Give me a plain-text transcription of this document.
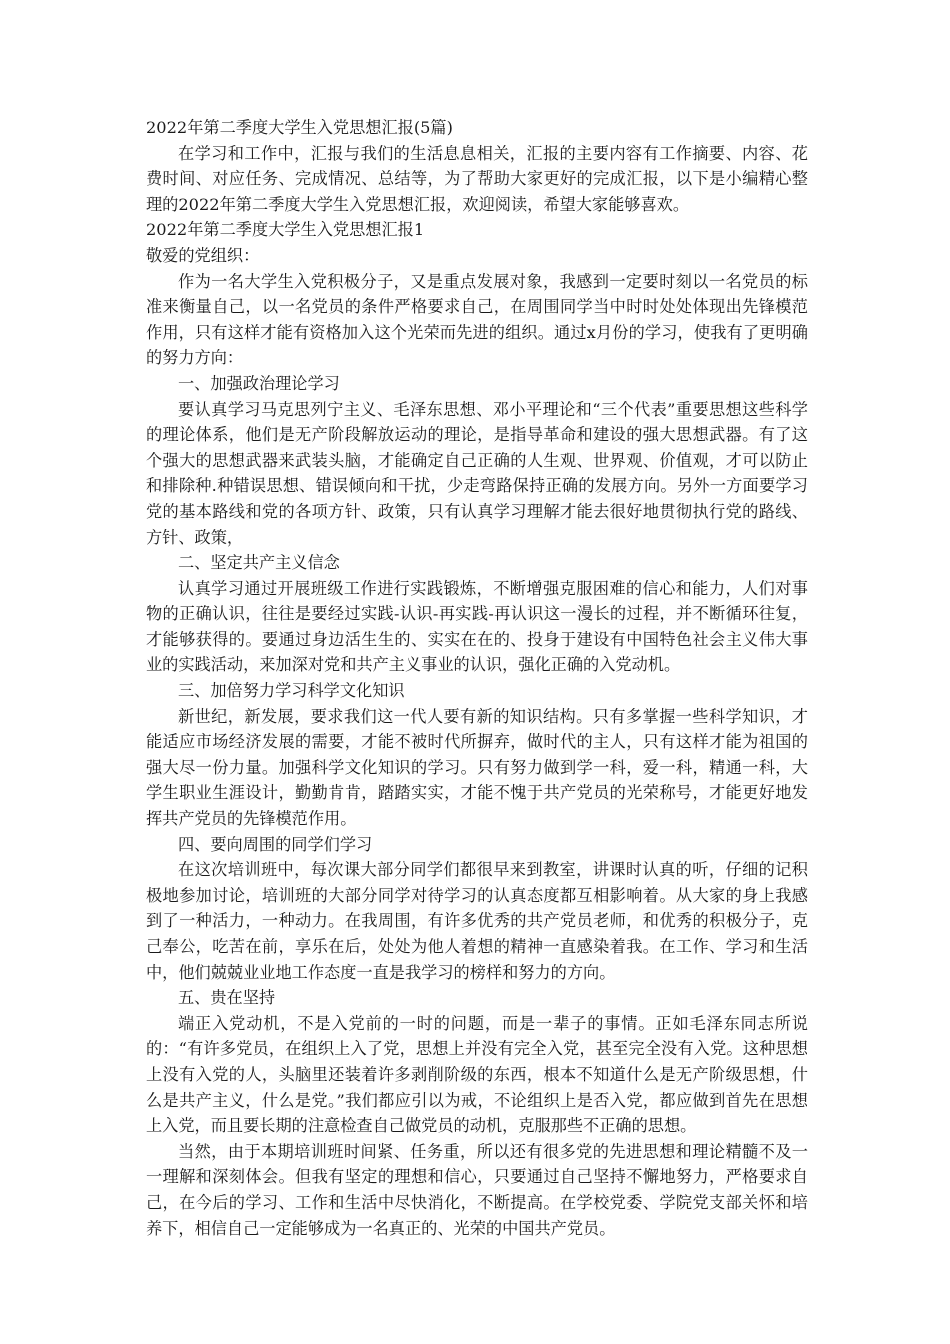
2022年第二季度大学生入党思想汇报(5篇)

在学习和工作中，汇报与我们的生活息息相关，汇报的主要内容有工作摘要、内容、花费时间、对应任务、完成情况、总结等，为了帮助大家更好的完成汇报，以下是小编精心整理的2022年第二季度大学生入党思想汇报，欢迎阅读，希望大家能够喜欢。

2022年第二季度大学生入党思想汇报1

敬爱的党组织：

作为一名大学生入党积极分子，又是重点发展对象，我感到一定要时刻以一名党员的标准来衡量自己，以一名党员的条件严格要求自己，在周围同学当中时时处处体现出先锋模范作用，只有这样才能有资格加入这个光荣而先进的组织。通过x月份的学习，使我有了更明确的努力方向：

一、加强政治理论学习

要认真学习马克思列宁主义、毛泽东思想、邓小平理论和“三个代表”重要思想这些科学的理论体系，他们是无产阶段解放运动的理论，是指导革命和建设的强大思想武器。有了这个强大的思想武器来武装头脑，才能确定自己正确的人生观、世界观、价值观，才可以防止和排除种.种错误思想、错误倾向和干扰，少走弯路保持正确的发展方向。另外一方面要学习党的基本路线和党的各项方针、政策，只有认真学习理解才能去很好地贯彻执行党的路线、方针、政策，

二、坚定共产主义信念

认真学习通过开展班级工作进行实践锻炼，不断增强克服困难的信心和能力，人们对事物的正确认识，往往是要经过实践-认识-再实践-再认识这一漫长的过程，并不断循环往复，才能够获得的。要通过身边活生生的、实实在在的、投身于建设有中国特色社会主义伟大事业的实践活动，来加深对党和共产主义事业的认识，强化正确的入党动机。

三、加倍努力学习科学文化知识

新世纪，新发展，要求我们这一代人要有新的知识结构。只有多掌握一些科学知识，才能适应市场经济发展的需要，才能不被时代所摒弃，做时代的主人，只有这样才能为祖国的强大尽一份力量。加强科学文化知识的学习。只有努力做到学一科，爱一科，精通一科，大学生职业生涯设计，勤勤肯肯，踏踏实实，才能不愧于共产党员的光荣称号，才能更好地发挥共产党员的先锋模范作用。

四、要向周围的同学们学习

在这次培训班中，每次课大部分同学们都很早来到教室，讲课时认真的听，仔细的记积极地参加讨论，培训班的大部分同学对待学习的认真态度都互相影响着。从大家的身上我感到了一种活力，一种动力。在我周围，有许多优秀的共产党员老师，和优秀的积极分子，克己奉公，吃苦在前，享乐在后，处处为他人着想的精神一直感染着我。在工作、学习和生活中，他们兢兢业业地工作态度一直是我学习的榜样和努力的方向。

五、贵在坚持

端正入党动机，不是入党前的一时的问题，而是一辈子的事情。正如毛泽东同志所说的：“有许多党员，在组织上入了党，思想上并没有完全入党，甚至完全没有入党。这种思想上没有入党的人，头脑里还装着许多剥削阶级的东西，根本不知道什么是无产阶级思想，什么是共产主义，什么是党。”我们都应引以为戒，不论组织上是否入党，都应做到首先在思想上入党，而且要长期的注意检查自己做党员的动机，克服那些不正确的思想。

当然，由于本期培训班时间紧、任务重，所以还有很多党的先进思想和理论精髓不及一一理解和深刻体会。但我有坚定的理想和信心，只要通过自己坚持不懈地努力，严格要求自己，在今后的学习、工作和生活中尽快消化，不断提高。在学校党委、学院党支部关怀和培养下，相信自己一定能够成为一名真正的、光荣的中国共产党员。
